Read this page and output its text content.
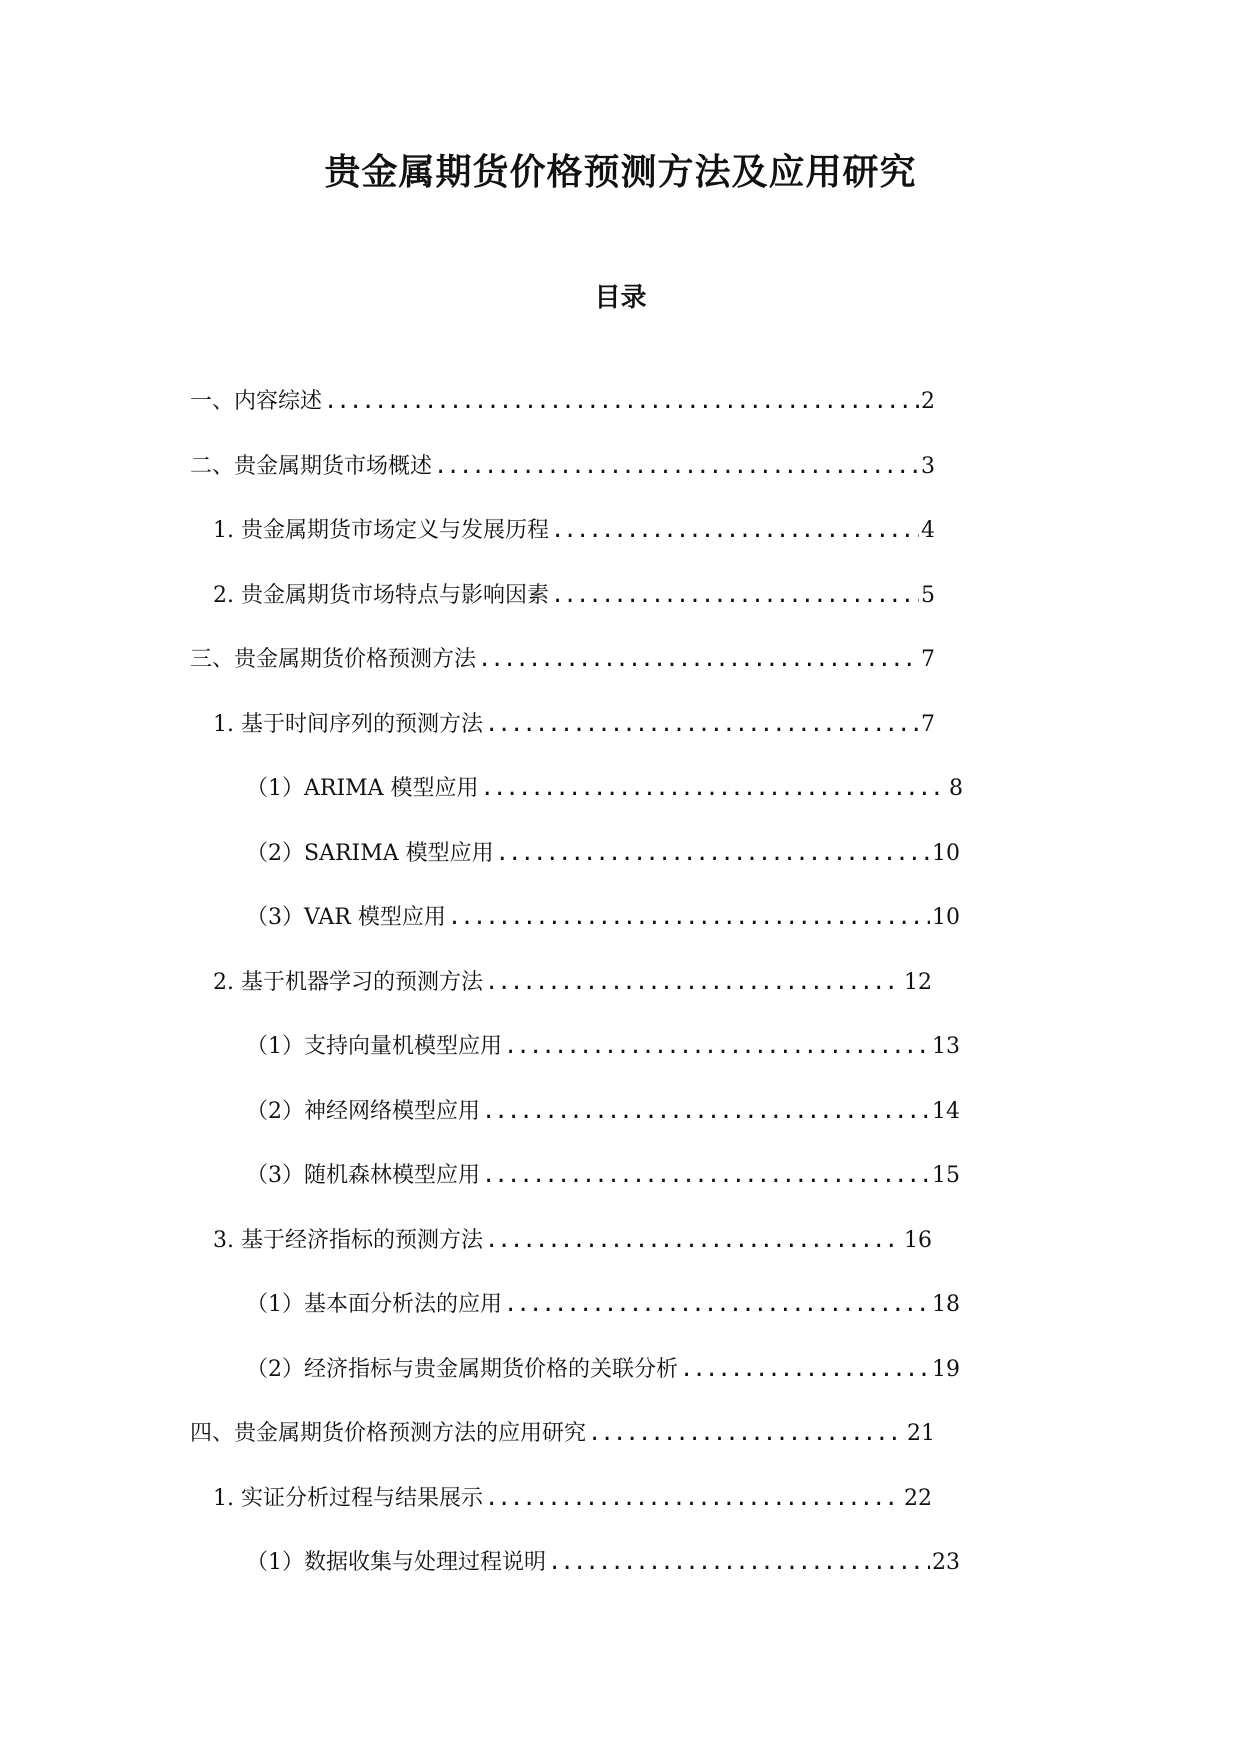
贵金属期货价格预测方法及应用研究
目录
一、内容综述 . . .	2
二、贵金属期货市场概述 . . .	3
1. 贵金属期货市场定义与发展历程 . . .	4
2. 贵金属期货市场特点与影响因素 . . .	5
三、贵金属期货价格预测方法 . . .	7
1. 基于时间序列的预测方法 . . .	7
（1）ARIMA 模型应用 . . .	8
（2）SARIMA 模型应用 . . .	10
（3）VAR 模型应用 . . .	10
2. 基于机器学习的预测方法 . . .	12
（1）支持向量机模型应用 . . .	13
（2）神经网络模型应用 . . .	14
（3）随机森林模型应用 . . .	15
3. 基于经济指标的预测方法 . . .	16
（1）基本面分析法的应用 . . .	18
（2）经济指标与贵金属期货价格的关联分析 . . .	19
四、贵金属期货价格预测方法的应用研究 . . .	21
1. 实证分析过程与结果展示 . . .	22
（1）数据收集与处理过程说明 . . .	23
